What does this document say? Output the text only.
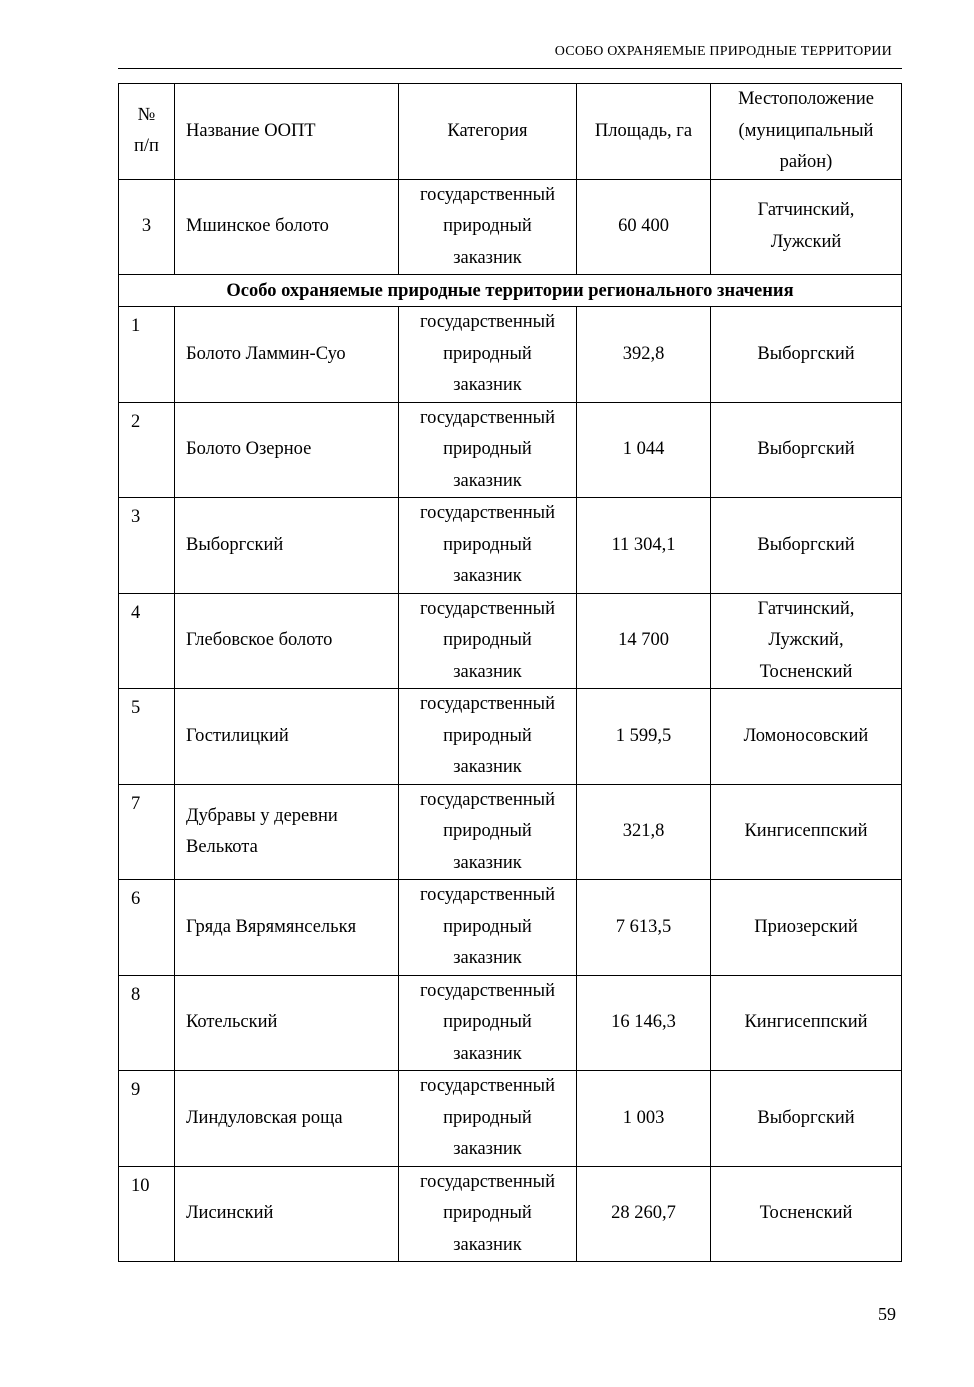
ОСОБО ОХРАНЯЕМЫЕ ПРИРОДНЫЕ ТЕРРИТОРИИ
№ п/п	Название ООПТ	Категория	Площадь, га	Местоположение (муниципальный район)

3	Мшинское болото	государственный природный заказник	60 400	Гатчинский, Лужский

Особо охраняемые природные территории регионального значения				
1	Болото Ламмин-Суо	государственный природный заказник	392,8	Выборгский
2	Болото Озерное	государственный природный заказник	1 044	Выборгский
3	Выборгский	государственный природный заказник	11 304,1	Выборгский
4	Глебовское болото	государственный природный заказник	14 700	Гатчинский, Лужский, Тосненский

5	Гостилицкий	государственный природный заказник	1 599,5	Ломоносовский
7	Дубравы у деревни Велькота	государственный природный заказник	321,8	Кингисеппский
6	Гряда Вярямянселькя	государственный природный заказник	7 613,5	Приозерский
8	Котельский	государственный природный заказник	16 146,3	Кингисеппский
9	Линдуловская роща	государственный природный заказник	1 003	Выборгский
10	Лисинский	государственный природный заказник	28 260,7	Тосненский
59
